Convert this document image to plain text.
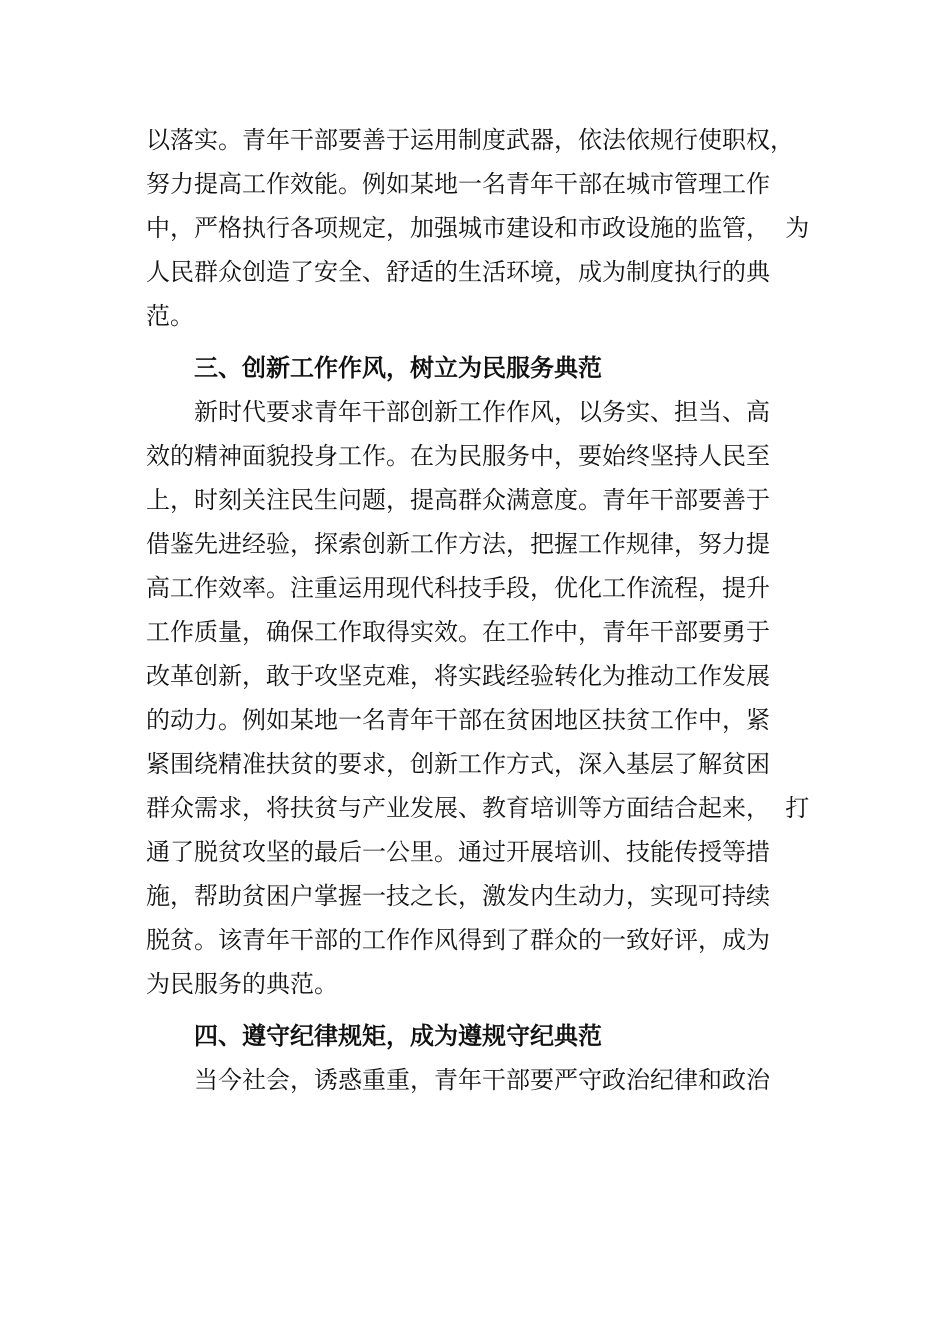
以落实。青年干部要善于运用制度武器，依法依规行使职权，
努力提高工作效能。例如某地一名青年干部在城市管理工作
中，严格执行各项规定，加强城市建设和市政设施的监管，  为
人民群众创造了安全、舒适的生活环境，成为制度执行的典
范。
三、创新工作作风，树立为民服务典范
新时代要求青年干部创新工作作风，以务实、担当、高
效的精神面貌投身工作。在为民服务中，要始终坚持人民至
上，时刻关注民生问题，提高群众满意度。青年干部要善于
借鉴先进经验，探索创新工作方法，把握工作规律，努力提
高工作效率。注重运用现代科技手段，优化工作流程，提升
工作质量，确保工作取得实效。在工作中，青年干部要勇于
改革创新，敢于攻坚克难，将实践经验转化为推动工作发展
的动力。例如某地一名青年干部在贫困地区扶贫工作中，紧
紧围绕精准扶贫的要求，创新工作方式，深入基层了解贫困
群众需求，将扶贫与产业发展、教育培训等方面结合起来，  打
通了脱贫攻坚的最后一公里。通过开展培训、技能传授等措
施，帮助贫困户掌握一技之长，激发内生动力，实现可持续
脱贫。该青年干部的工作作风得到了群众的一致好评，成为
为民服务的典范。
四、遵守纪律规矩，成为遵规守纪典范
当今社会，诱惑重重，青年干部要严守政治纪律和政治
